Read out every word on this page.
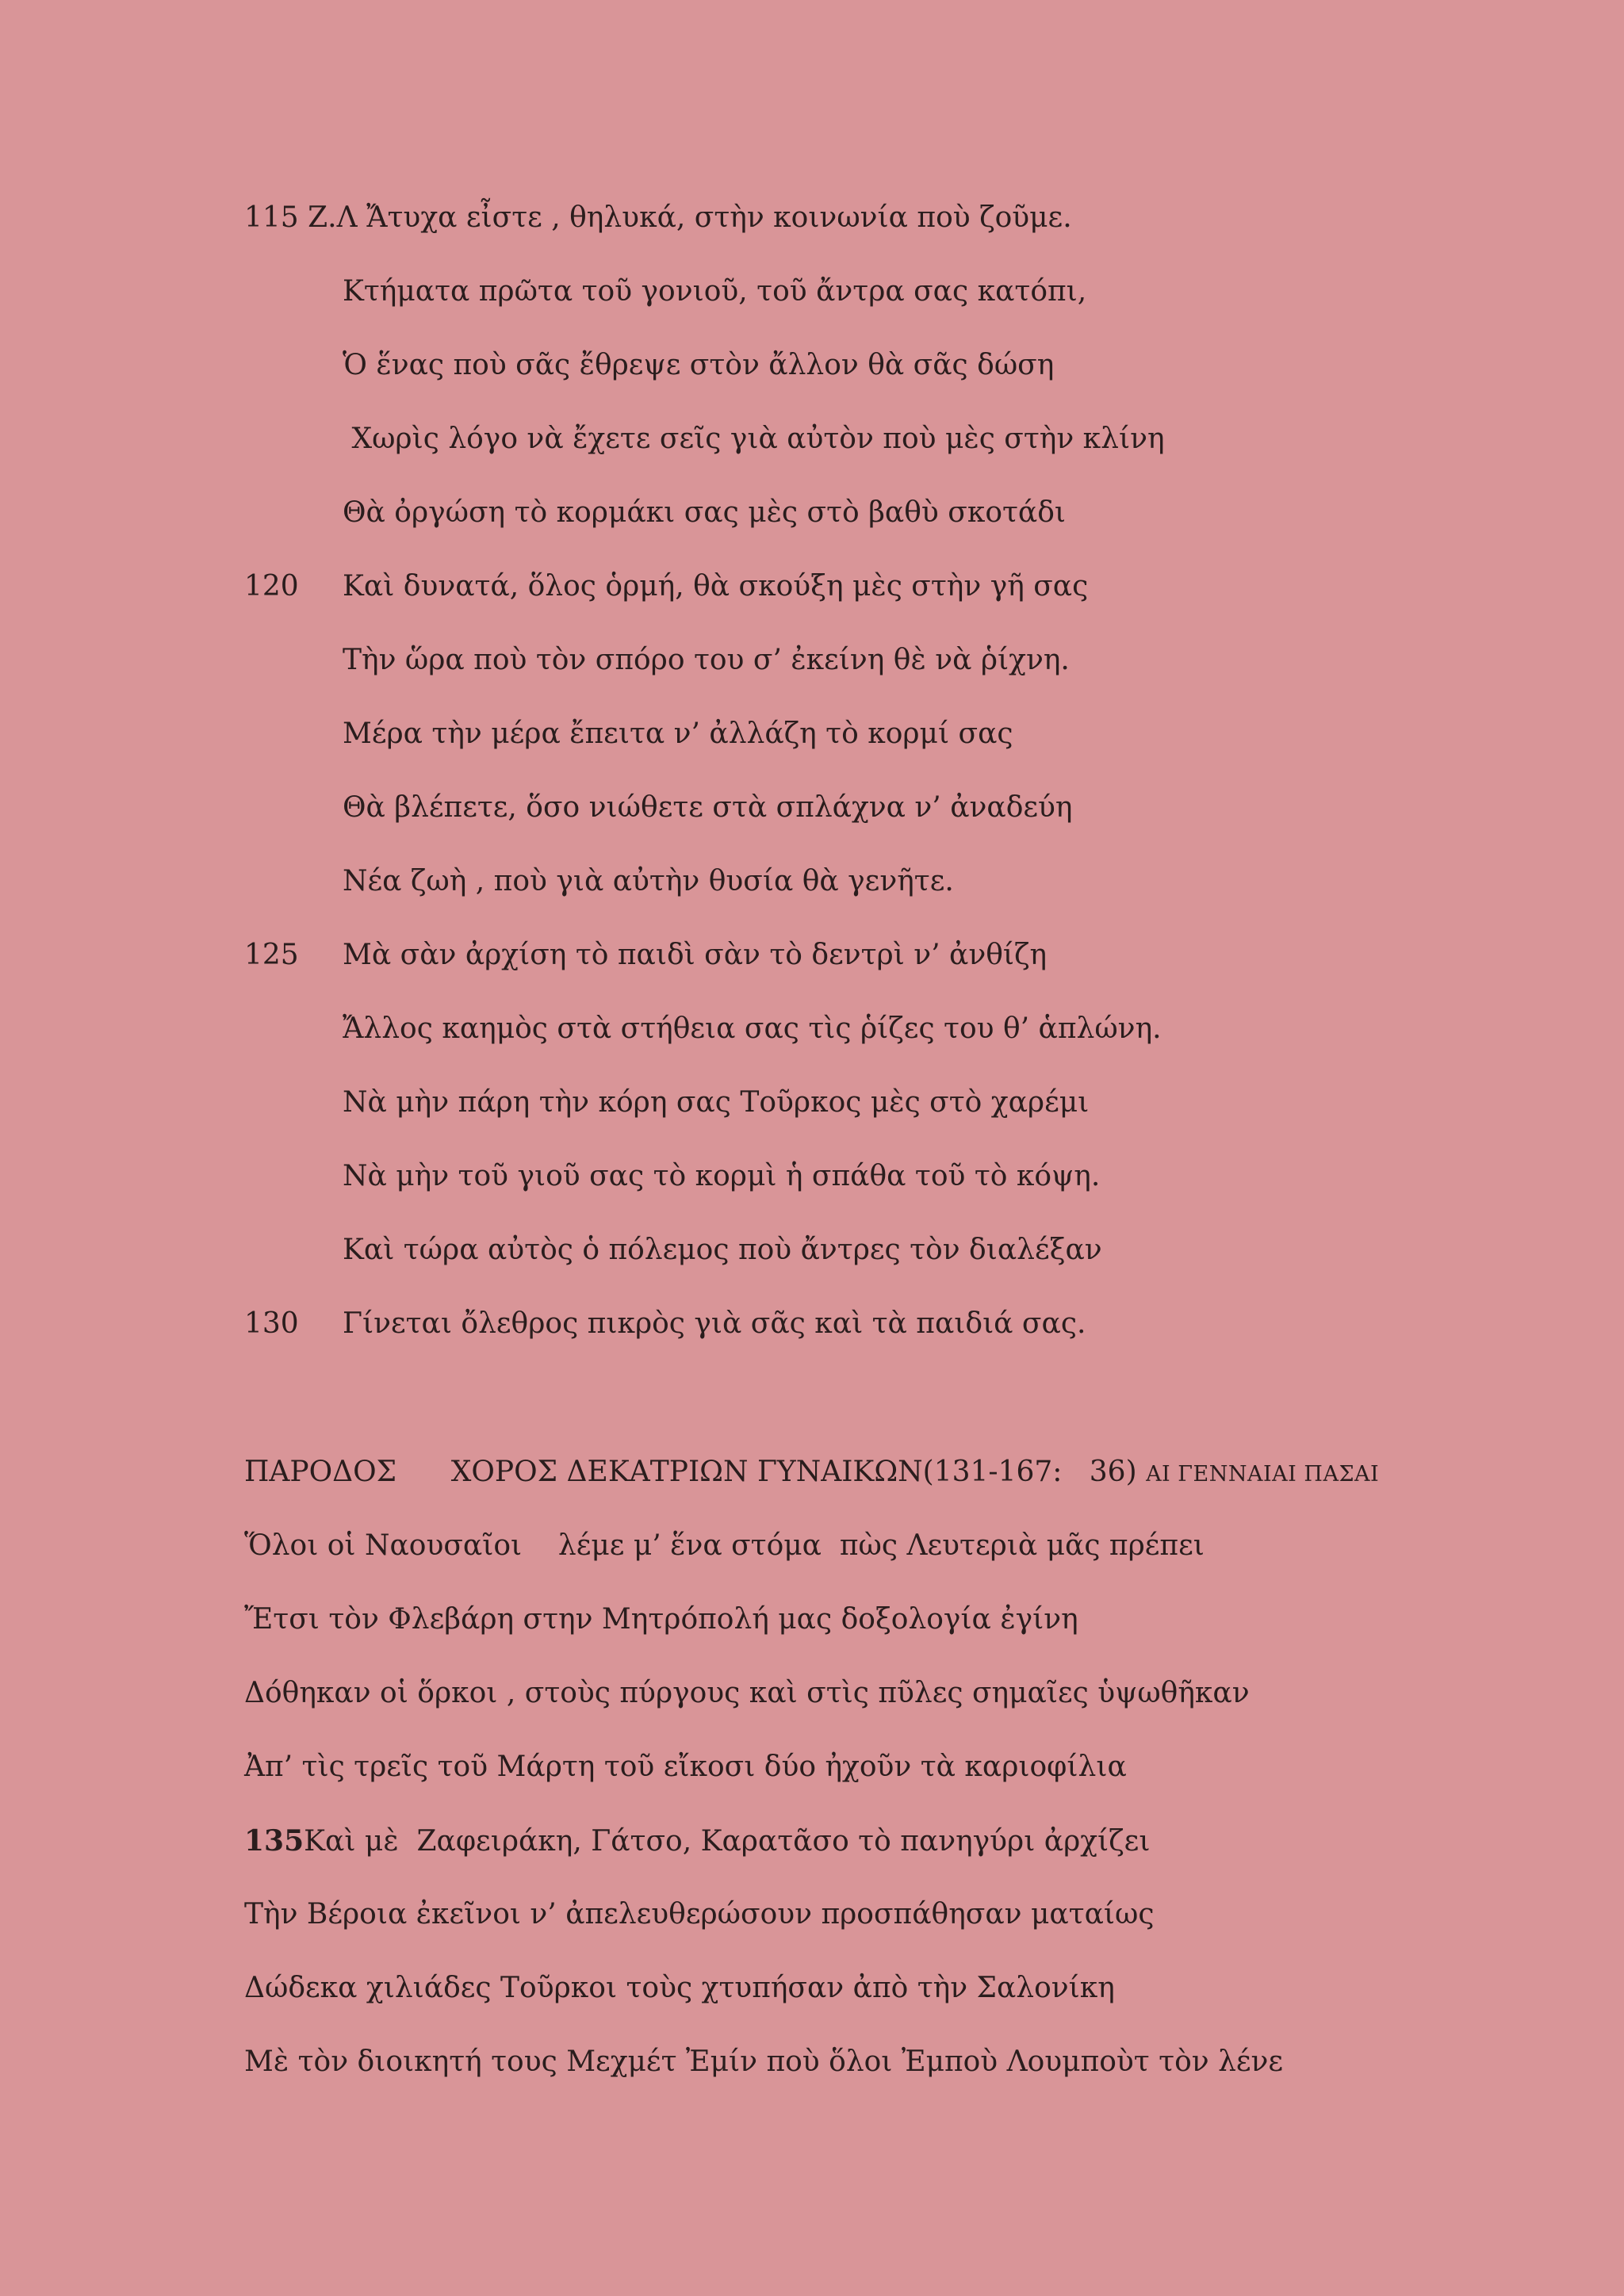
115 Ζ.Λ Ἄτυχα εἶστε , θηλυκά, στὴν κοινωνία ποὺ ζοῦμε.
Κτήματα πρῶτα τοῦ γονιοῦ, τοῦ ἄντρα σας κατόπι,
Ὁ ἕνας ποὺ σᾶς ἔθρεψε στὸν ἄλλον θὰ σᾶς δώση
Χωρὶς λόγο νὰ ἔχετε σεῖς γιὰ αὐτὸν ποὺ μὲς στὴν κλίνη
Θὰ ὀργώση τὸ κορμάκι σας μὲς στὸ βαθὺ σκοτάδι
120 Καὶ δυνατά, ὅλος ὁρμή, θὰ σκούξη μὲς στὴν γῆ σας
Τὴν ὥρα ποὺ τὸν σπόρο του σ’ ἐκείνη θὲ νὰ ῥίχνη.
Μέρα τὴν μέρα ἔπειτα ν’ ἀλλάζη τὸ κορμί σας
Θὰ βλέπετε, ὅσο νιώθετε στὰ σπλάχνα ν’ ἀναδεύη
Νέα ζωὴ , ποὺ γιὰ αὐτὴν θυσία θὰ γενῆτε.
125 Μὰ σὰν ἀρχίση τὸ παιδὶ σὰν τὸ δεντρὶ ν’ ἀνθίζη
Ἄλλος καημὸς στὰ στήθεια σας τὶς ῥίζες του θ’ ἁπλώνη.
Νὰ μὴν πάρη τὴν κόρη σας Τοῦρκος μὲς στὸ χαρέμι
Νὰ μὴν τοῦ γιοῦ σας τὸ κορμὶ ἡ σπάθα τοῦ τὸ κόψη.
Καὶ τώρα αὐτὸς ὁ πόλεμος ποὺ ἄντρες τὸν διαλέξαν
130 Γίνεται ὄλεθρος πικρὸς γιὰ σᾶς καὶ τὰ παιδιά σας.
ΠΑΡΟΔΟΣ ΧΟΡΟΣ ΔΕΚΑΤΡΙΩΝ ΓΥΝΑΙΚΩΝ(131-167:   36) ΑΙ ΓΕΝΝΑΙΑΙ ΠΑΣΑΙ
Ὅλοι οἱ Ναουσαῖοι    λέμε μ’ ἕνα στόμα  πὼς Λευτεριὰ μᾶς πρέπει
Ἔτσι τὸν Φλεβάρη στην Μητρόπολή μας δοξολογία ἐγίνη
Δόθηκαν οἱ ὅρκοι , στοὺς πύργους καὶ στὶς πῦλες σημαῖες ὑψωθῆκαν
Ἀπ’ τὶς τρεῖς τοῦ Μάρτη τοῦ εἴκοσι δύο ἠχοῦν τὰ καριοφίλια
135Καὶ μὲ  Ζαφειράκη, Γάτσο, Καρατᾶσο τὸ πανηγύρι ἀρχίζει
Τὴν Βέροια ἐκεῖνοι ν’ ἀπελευθερώσουν προσπάθησαν ματαίως
Δώδεκα χιλιάδες Τοῦρκοι τοὺς χτυπήσαν ἀπὸ τὴν Σαλονίκη
Μὲ τὸν διοικητή τους Μεχμέτ Ἐμίν ποὺ ὅλοι Ἐμποὺ Λουμποὺτ τὸν λένε
